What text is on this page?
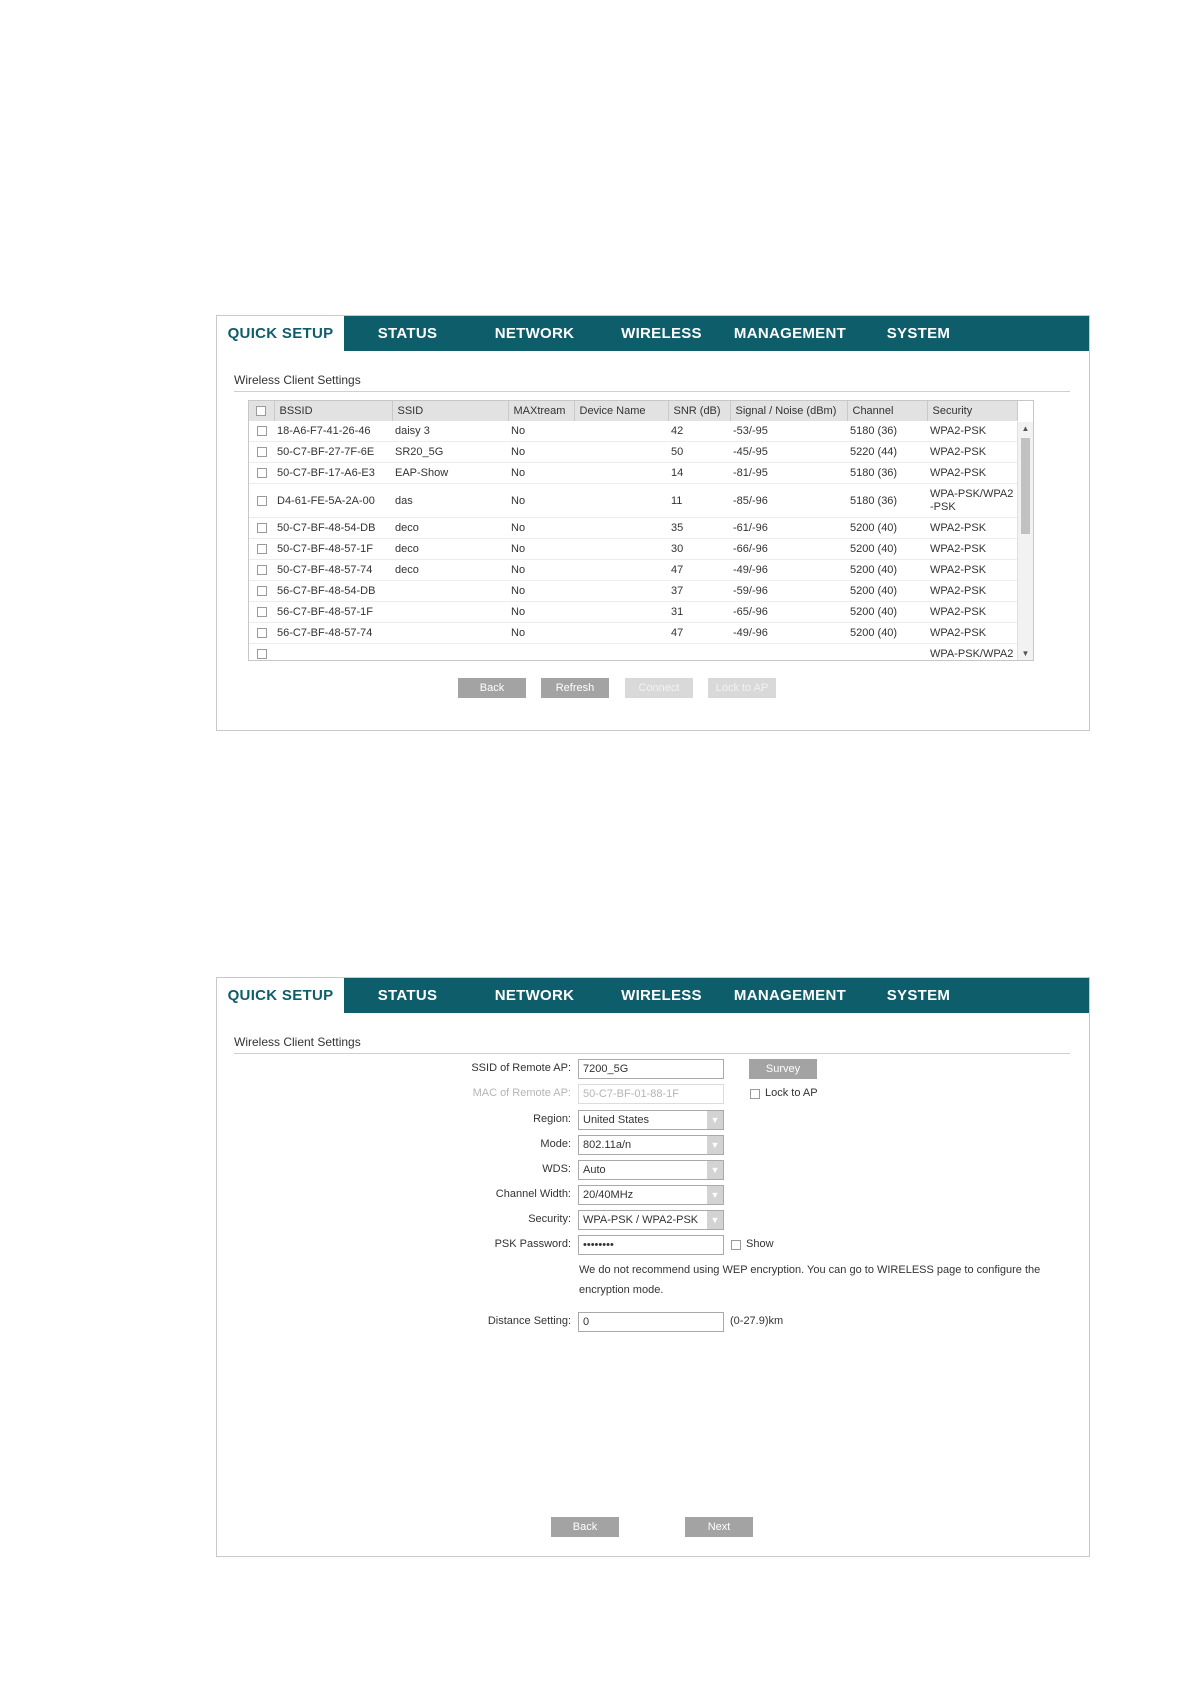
QUICK SETUP	STATUS	NETWORK	WIRELESS	MANAGEMENT	SYSTEM
Wireless Client Settings
	BSSID	SSID	MAXtream	Device Name	SNR (dB)	Signal / Noise (dBm)	Channel	Security
	18-A6-F7-41-26-46	daisy 3	No		42	-53/-95	5180 (36)	WPA2-PSK
	50-C7-BF-27-7F-6E	SR20_5G	No		50	-45/-95	5220 (44)	WPA2-PSK
	50-C7-BF-17-A6-E3	EAP-Show	No		14	-81/-95	5180 (36)	WPA2-PSK
	D4-61-FE-5A-2A-00	das	No		11	-85/-96	5180 (36)	WPA-PSK/WPA2 -PSK
	50-C7-BF-48-54-DB	deco	No		35	-61/-96	5200 (40)	WPA2-PSK
	50-C7-BF-48-57-1F	deco	No		30	-66/-96	5200 (40)	WPA2-PSK
	50-C7-BF-48-57-74	deco	No		47	-49/-96	5200 (40)	WPA2-PSK
	56-C7-BF-48-54-DB		No		37	-59/-96	5200 (40)	WPA2-PSK
	56-C7-BF-48-57-1F		No		31	-65/-96	5200 (40)	WPA2-PSK
	56-C7-BF-48-57-74		No		47	-49/-96	5200 (40)	WPA2-PSK
								WPA-PSK/WPA2
▲
▼
Back	Refresh	Connect	Lock to AP
QUICK SETUP	STATUS	NETWORK	WIRELESS	MANAGEMENT	SYSTEM
Wireless Client Settings
SSID of Remote AP:	7200_5G	Survey
MAC of Remote AP:	50-C7-BF-01-88-1F	Lock to AP
Region:	United States	▼
Mode:	802.11a/n	▼
WDS:	Auto	▼
Channel Width:	20/40MHz	▼
Security:	WPA-PSK / WPA2-PSK	▼
PSK Password:	••••••••	Show
We do not recommend using WEP encryption. You can go to WIRELESS page to configure the encryption mode.
Distance Setting:	0	(0-27.9)km
Back	Next
